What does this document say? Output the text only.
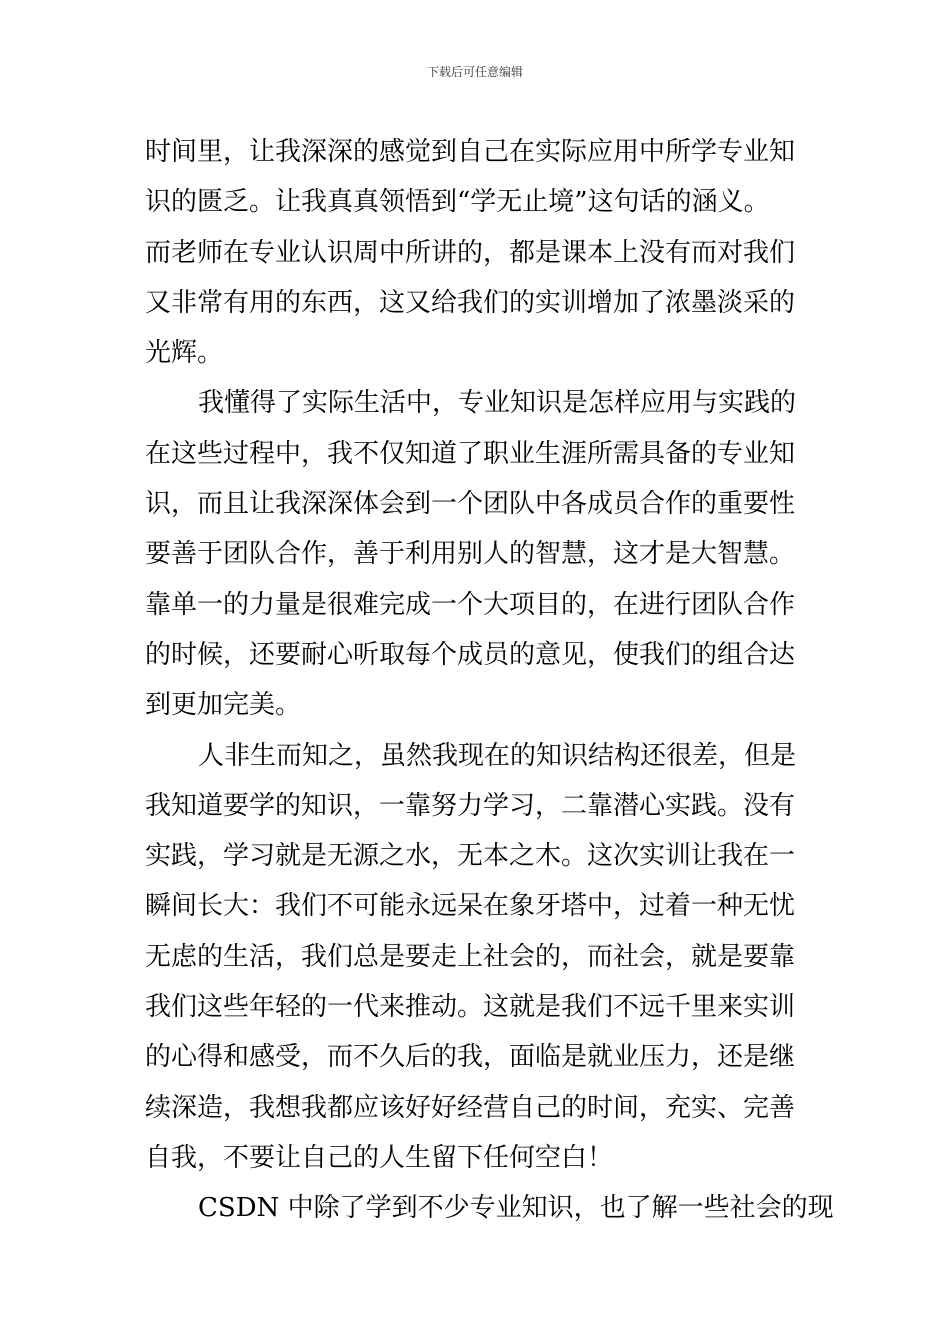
下载后可任意编辑
时间里，让我深深的感觉到自己在实际应用中所学专业知
识的匮乏。让我真真领悟到“学无止境”这句话的涵义。
而老师在专业认识周中所讲的，都是课本上没有而对我们
又非常有用的东西，这又给我们的实训增加了浓墨淡采的
光辉。
我懂得了实际生活中，专业知识是怎样应用与实践的
在这些过程中，我不仅知道了职业生涯所需具备的专业知
识，而且让我深深体会到一个团队中各成员合作的重要性
要善于团队合作，善于利用别人的智慧，这才是大智慧。
靠单一的力量是很难完成一个大项目的，在进行团队合作
的时候，还要耐心听取每个成员的意见，使我们的组合达
到更加完美。
人非生而知之，虽然我现在的知识结构还很差，但是
我知道要学的知识，一靠努力学习，二靠潜心实践。没有
实践，学习就是无源之水，无本之木。这次实训让我在一
瞬间长大：我们不可能永远呆在象牙塔中，过着一种无忧
无虑的生活，我们总是要走上社会的，而社会，就是要靠
我们这些年轻的一代来推动。这就是我们不远千里来实训
的心得和感受，而不久后的我，面临是就业压力，还是继
续深造，我想我都应该好好经营自己的时间，充实、完善
自我，不要让自己的人生留下任何空白！
CSDN 中除了学到不少专业知识，也了解一些社会的现
